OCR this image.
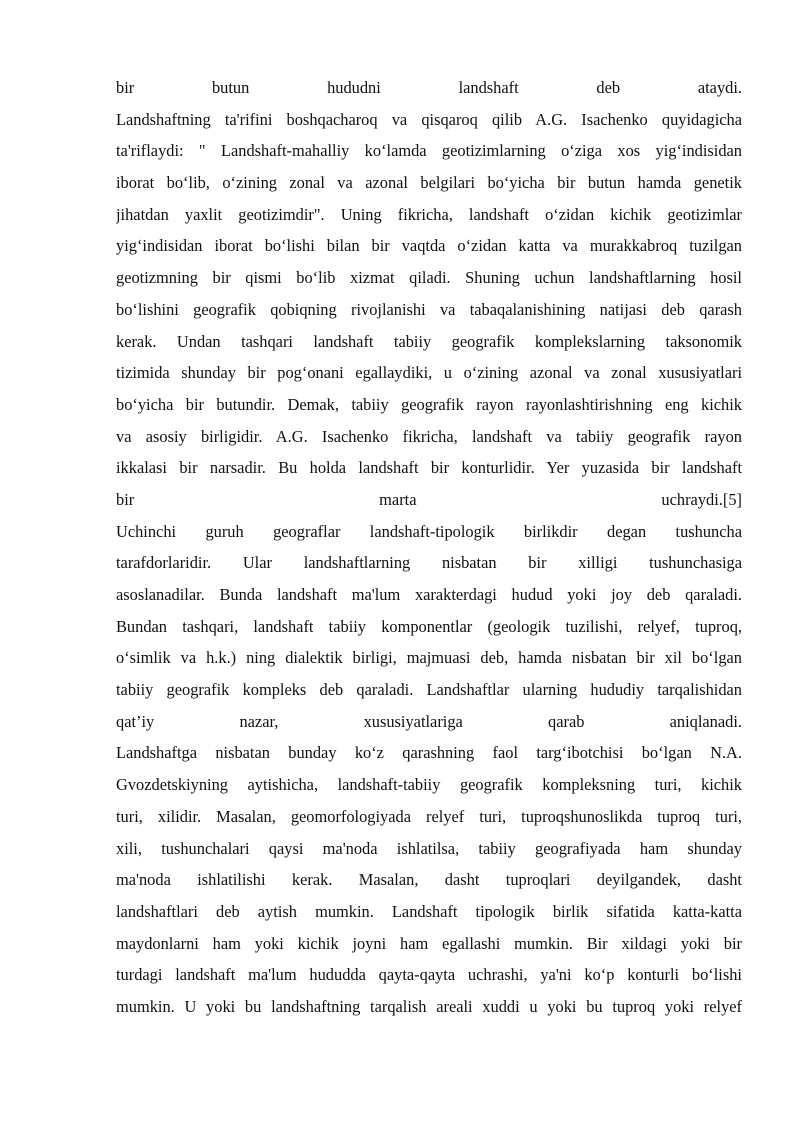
bir butun hududni landshaft deb ataydi.
Landshaftning ta'rifini boshqacharoq va qisqaroq qilib A.G. Isachenko quyidagicha
ta'riflaydi: " Landshaft-mahalliy ko‘lamda geotizimlarning o‘ziga xos yig‘indisidan
iborat bo‘lib, o‘zining zonal va azonal belgilari bo‘yicha bir butun hamda genetik
jihatdan yaxlit geotizimdir". Uning fikricha, landshaft o‘zidan kichik geotizimlar
yig‘indisidan iborat bo‘lishi bilan bir vaqtda o‘zidan katta va murakkabroq tuzilgan
geotizmning bir qismi bo‘lib xizmat qiladi. Shuning uchun landshaftlarning hosil
bo‘lishini geografik qobiqning rivojlanishi va tabaqalanishining natijasi deb qarash
kerak. Undan tashqari landshaft tabiiy geografik komplekslarning taksonomik
tizimida shunday bir pog‘onani egallaydiki, u o‘zining azonal va zonal xususiyatlari
bo‘yicha bir butundir. Demak, tabiiy geografik rayon rayonlashtirishning eng kichik
va asosiy birligidir. A.G. Isachenko fikricha, landshaft va tabiiy geografik rayon
ikkalasi bir narsadir. Bu holda landshaft bir konturlidir. Yer yuzasida bir landshaft
bir marta uchraydi.[5]
Uchinchi guruh geograflar landshaft-tipologik birlikdir degan tushuncha
tarafdorlaridir. Ular landshaftlarning nisbatan bir xilligi tushunchasiga
asoslanadilar. Bunda landshaft ma'lum xarakterdagi hudud yoki joy deb qaraladi.
Bundan tashqari, landshaft tabiiy komponentlar (geologik tuzilishi, relyef, tuproq,
o‘simlik va h.k.) ning dialektik birligi, majmuasi deb, hamda nisbatan bir xil bo‘lgan
tabiiy geografik kompleks deb qaraladi. Landshaftlar ularning hududiy tarqalishidan
qat’iy nazar, xususiyatlariga qarab aniqlanadi.
Landshaftga nisbatan bunday ko‘z qarashning faol targ‘ibotchisi bo‘lgan N.A.
Gvozdetskiyning aytishicha, landshaft-tabiiy geografik kompleksning turi, kichik
turi, xilidir. Masalan, geomorfologiyada relyef turi, tuproqshunoslikda tuproq turi,
xili, tushunchalari qaysi ma'noda ishlatilsa, tabiiy geografiyada ham shunday
ma'noda ishlatilishi kerak. Masalan, dasht tuproqlari deyilgandek, dasht
landshaftlari deb aytish mumkin. Landshaft tipologik birlik sifatida katta-katta
maydonlarni ham yoki kichik joyni ham egallashi mumkin. Bir xildagi yoki bir
turdagi landshaft ma'lum hududda qayta-qayta uchrashi, ya'ni ko‘p konturli bo‘lishi
mumkin. U yoki bu landshaftning tarqalish areali xuddi u yoki bu tuproq yoki relyef
